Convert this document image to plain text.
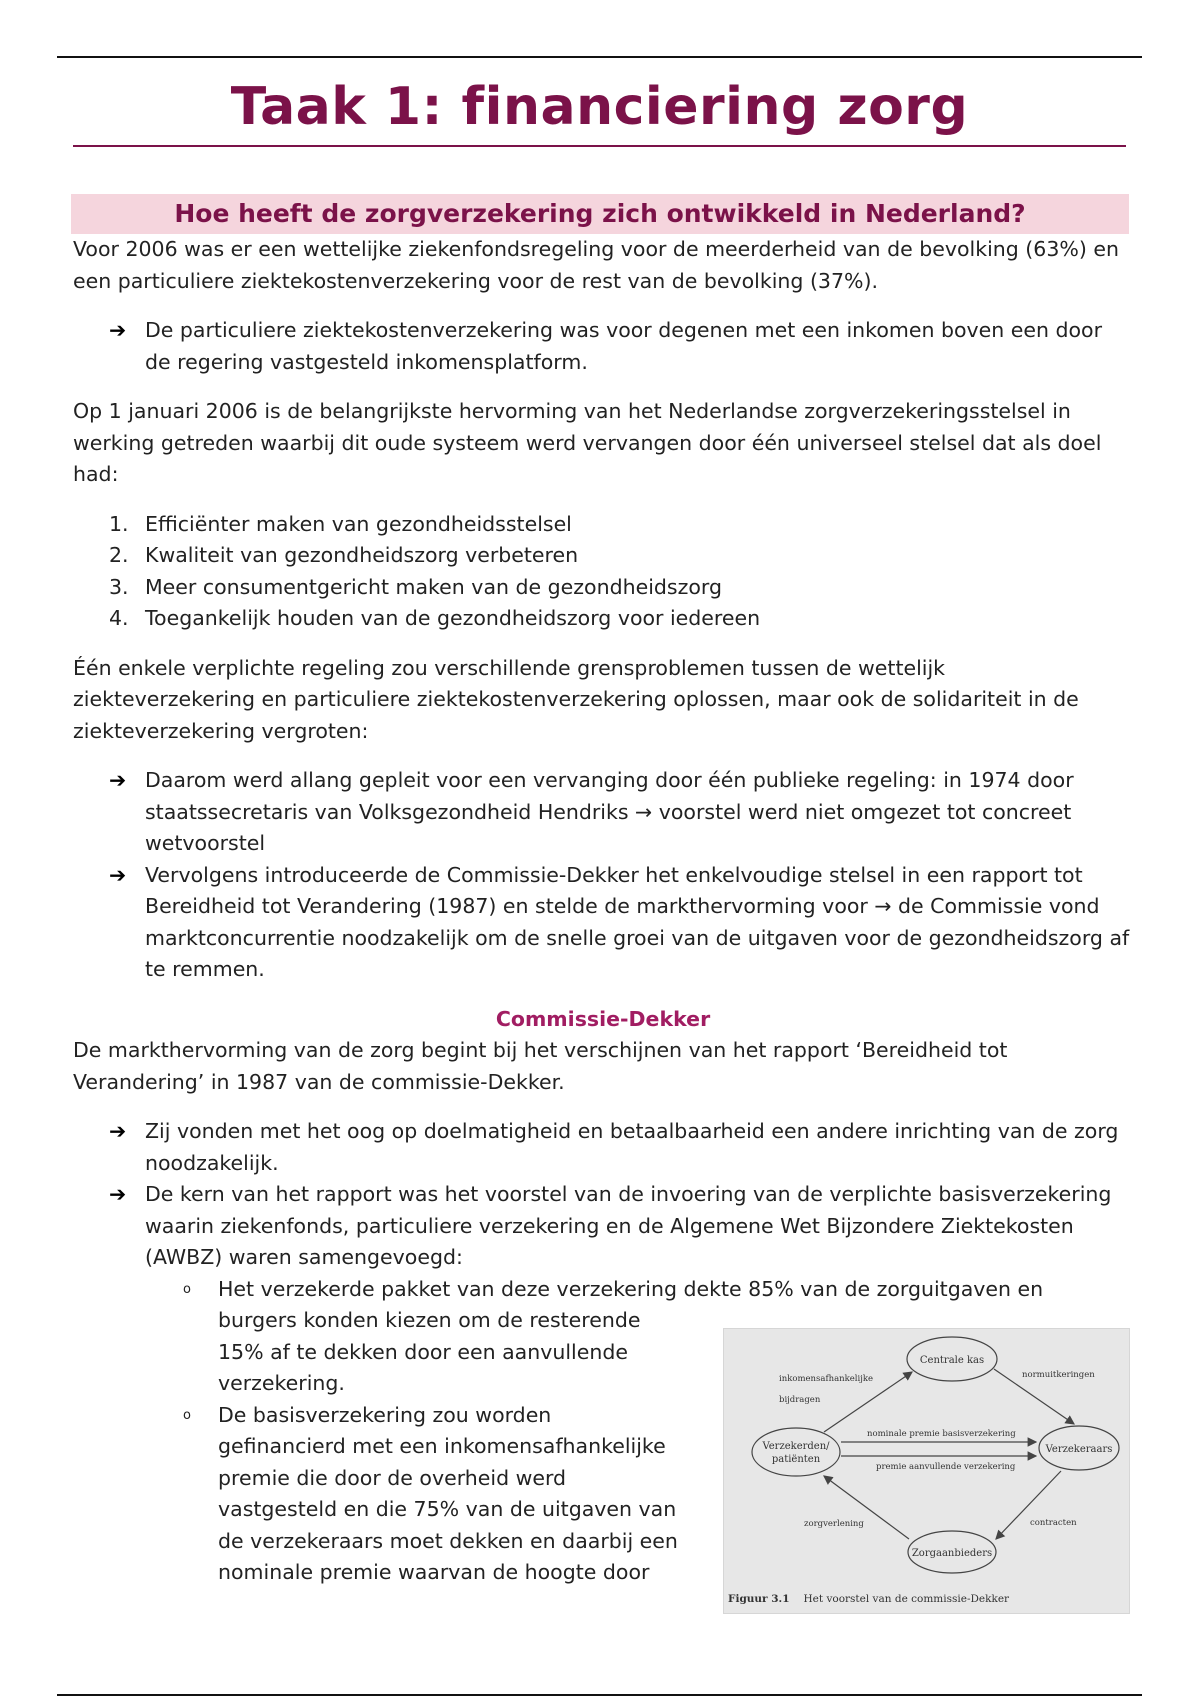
Taak 1: financiering zorg
Hoe heeft de zorgverzekering zich ontwikkeld in Nederland?

Voor 2006 was er een wettelijke ziekenfondsregeling voor de meerderheid van de bevolking (63%) en een particuliere ziektekostenverzekering voor de rest van de bevolking (37%).

➔ De particuliere ziektekostenverzekering was voor degenen met een inkomen boven een door de regering vastgesteld inkomensplatform.

Op 1 januari 2006 is de belangrijkste hervorming van het Nederlandse zorgverzekeringsstelsel in werking getreden waarbij dit oude systeem werd vervangen door één universeel stelsel dat als doel had:

1. Efficiënter maken van gezondheidsstelsel
2. Kwaliteit van gezondheidszorg verbeteren
3. Meer consumentgericht maken van de gezondheidszorg
4. Toegankelijk houden van de gezondheidszorg voor iedereen

Één enkele verplichte regeling zou verschillende grensproblemen tussen de wettelijk ziekteverzekering en particuliere ziektekostenverzekering oplossen, maar ook de solidariteit in de ziekteverzekering vergroten:

➔ Daarom werd allang gepleit voor een vervanging door één publieke regeling: in 1974 door staatssecretaris van Volksgezondheid Hendriks → voorstel werd niet omgezet tot concreet wetvoorstel
➔ Vervolgens introduceerde de Commissie-Dekker het enkelvoudige stelsel in een rapport tot Bereidheid tot Verandering (1987) en stelde de markthervorming voor → de Commissie vond marktconcurrentie noodzakelijk om de snelle groei van de uitgaven voor de gezondheidszorg af te remmen.

Commissie-Dekker

De markthervorming van de zorg begint bij het verschijnen van het rapport ‘Bereidheid tot Verandering’ in 1987 van de commissie-Dekker.

➔ Zij vonden met het oog op doelmatigheid en betaalbaarheid een andere inrichting van de zorg noodzakelijk.
➔ De kern van het rapport was het voorstel van de invoering van de verplichte basisverzekering waarin ziekenfonds, particuliere verzekering en de Algemene Wet Bijzondere Ziektekosten (AWBZ) waren samengevoegd:
o Het verzekerde pakket van deze verzekering dekte 85% van de zorguitgaven en
burgers konden kiezen om de resterende
15% af te dekken door een aanvullende
verzekering.
o De basisverzekering zou worden
gefinancierd met een inkomensafhankelijke
premie die door de overheid werd
vastgesteld en die 75% van de uitgaven van
de verzekeraars moet dekken en daarbij een
nominale premie waarvan de hoogte door
Centrale kas
Verzekerden/
patiënten
Verzekeraars
Zorgaanbieders
inkomensafhankelijke
bijdragen
normuitkeringen
nominale premie basisverzekering
premie aanvullende verzekering
zorgverlening	contracten
Figuur 3.1 Het voorstel van de commissie-Dekker
